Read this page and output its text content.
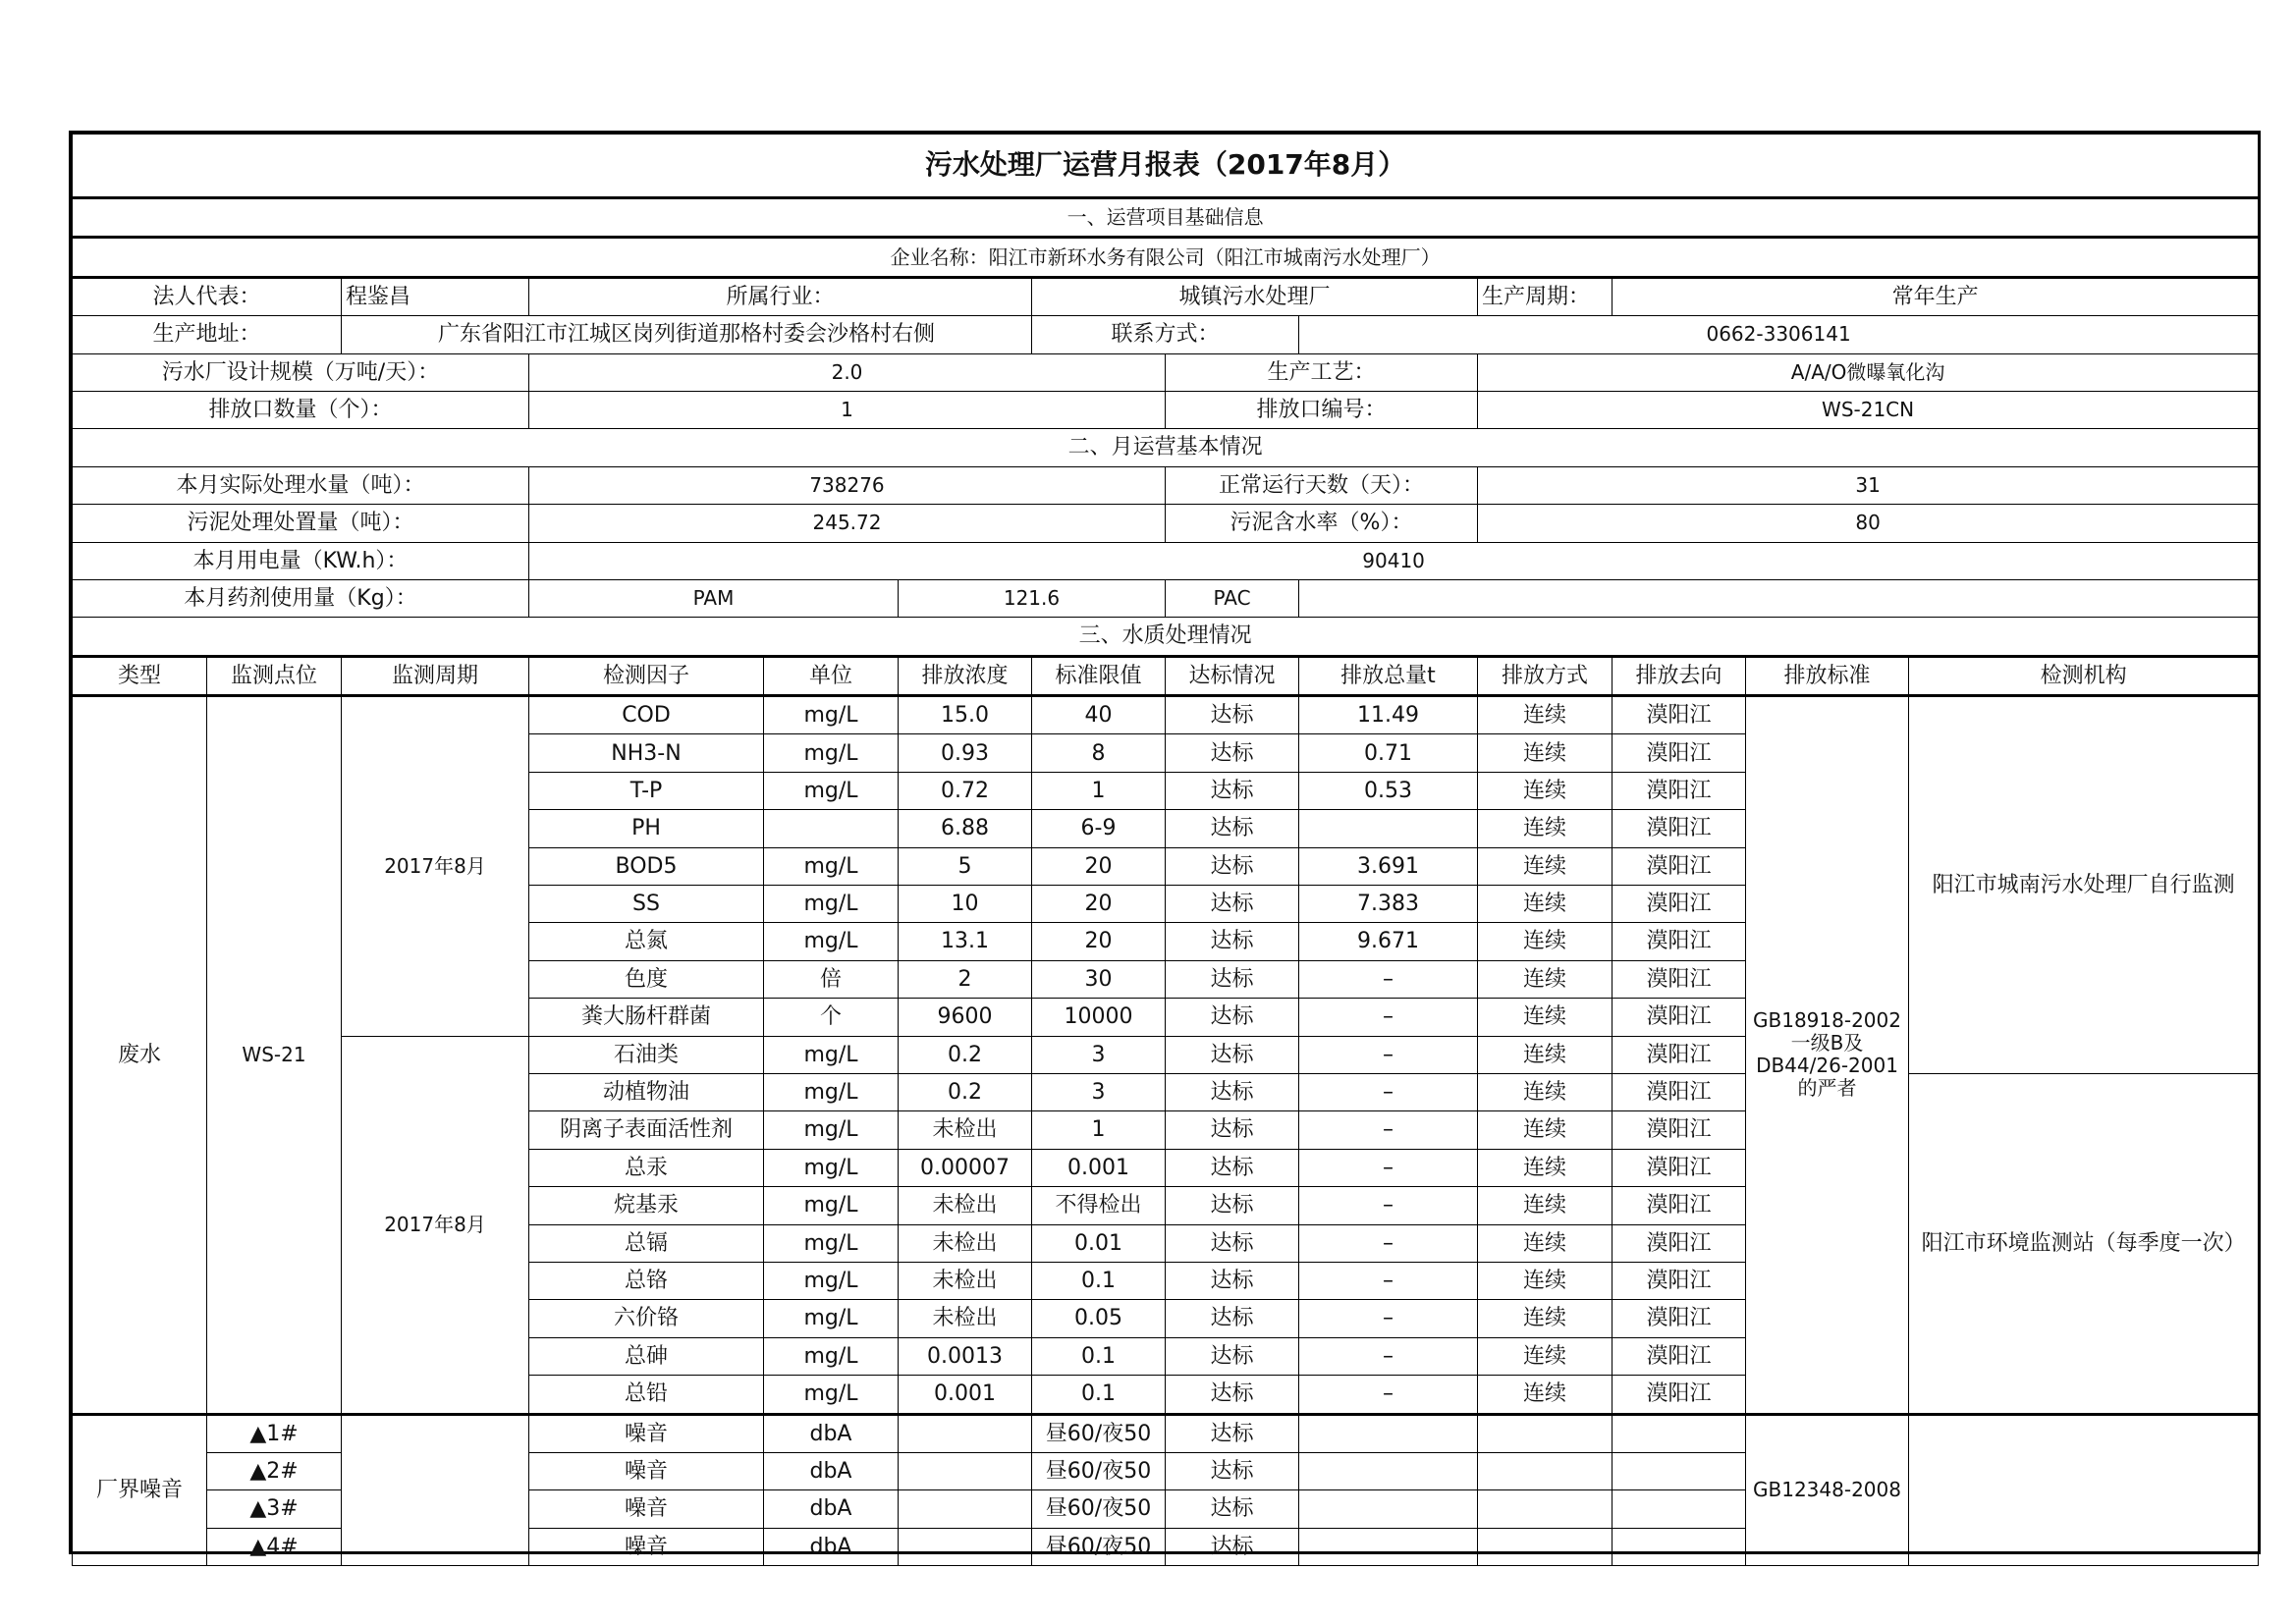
污水处理厂运营月报表（2017年8月）												
一、运营项目基础信息												
企业名称：阳江市新环水务有限公司（阳江市城南污水处理厂）												
法人代表：		程鉴昌	所属行业：			城镇污水处理厂			生产周期：	常年生产		
生产地址：		广东省阳江市江城区岗列街道那格村委会沙格村右侧				联系方式：		0662-3306141				
污水厂设计规模（万吨/天）：			2.0				生产工艺：		A/A/O微曝氧化沟			
排放口数量（个）：			1				排放口编号：		WS-21CN			
二、月运营基本情况												
本月实际处理水量（吨）：			738276				正常运行天数（天）：		31			
污泥处理处置量（吨）：			245.72				污泥含水率（%）：		80			
本月用电量（KW.h）：			90410									
本月药剂使用量（Kg）：			PAM		121.6		PAC					
三、水质处理情况												
类型	监测点位	监测周期	检测因子	单位	排放浓度	标准限值	达标情况	排放总量t	排放方式	排放去向	排放标准	检测机构
废水	WS-21	2017年8月	COD	mg/L	15.0	40	达标	11.49	连续	漠阳江	GB18918-2002一级B及DB44/26-2001的严者	阳江市城南污水处理厂自行监测
			NH3-N	mg/L	0.93	8	达标	0.71	连续	漠阳江		
			T-P	mg/L	0.72	1	达标	0.53	连续	漠阳江		
			PH		6.88	6-9	达标		连续	漠阳江		
			BOD5	mg/L	5	20	达标	3.691	连续	漠阳江		
			SS	mg/L	10	20	达标	7.383	连续	漠阳江		
			总氮	mg/L	13.1	20	达标	9.671	连续	漠阳江		
			色度	倍	2	30	达标	–	连续	漠阳江		
			粪大肠杆群菌	个	9600	10000	达标	–	连续	漠阳江		
		2017年8月	石油类	mg/L	0.2	3	达标	–	连续	漠阳江		
			动植物油	mg/L	0.2	3	达标	–	连续	漠阳江		阳江市环境监测站（每季度一次）
			阴离子表面活性剂	mg/L	未检出	1	达标	–	连续	漠阳江		
			总汞	mg/L	0.00007	0.001	达标	–	连续	漠阳江		
			烷基汞	mg/L	未检出	不得检出	达标	–	连续	漠阳江		
			总镉	mg/L	未检出	0.01	达标	–	连续	漠阳江		
			总铬	mg/L	未检出	0.1	达标	–	连续	漠阳江		
			六价铬	mg/L	未检出	0.05	达标	–	连续	漠阳江		
			总砷	mg/L	0.0013	0.1	达标	–	连续	漠阳江		
			总铅	mg/L	0.001	0.1	达标	–	连续	漠阳江		
厂界噪音	▲1#		噪音	dbA		昼60/夜50	达标				GB12348-2008	
	▲2#		噪音	dbA		昼60/夜50	达标					
	▲3#		噪音	dbA		昼60/夜50	达标					
	▲4#		噪音	dbA		昼60/夜50	达标					
